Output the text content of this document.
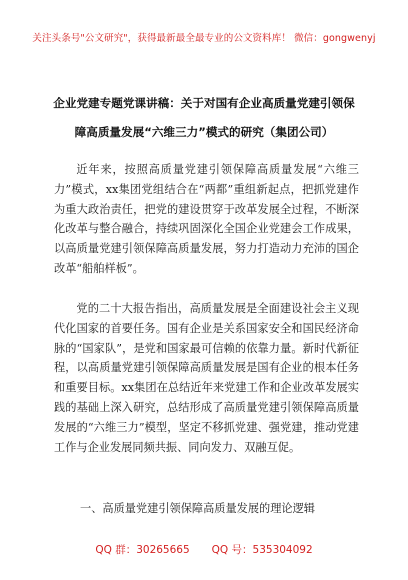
关注头条号"公文研究"，获得最新最全最专业的公文资料库！ 微信：gongwenyj
企业党建专题党课讲稿：关于对国有企业高质量党建引领保
障高质量发展“六维三力”模式的研究（集团公司）
近年来，按照高质量党建引领保障高质量发展“六维三力”模式，xx集团党组结合在“两都”重组新起点，把抓党建作为重大政治责任，把党的建设贯穿于改革发展全过程，不断深化改革与整合融合，持续巩固深化全国企业党建会工作成果，以高质量党建引领保障高质量发展，努力打造动力充沛的国企改革“船舶样板”。
党的二十大报告指出，高质量发展是全面建设社会主义现代化国家的首要任务。国有企业是关系国家安全和国民经济命脉的“国家队”，是党和国家最可信赖的依靠力量。新时代新征程，以高质量党建引领保障高质量发展是国有企业的根本任务和重要目标。xx集团在总结近年来党建工作和企业改革发展实践的基础上深入研究，总结形成了高质量党建引领保障高质量发展的“六维三力”模型，坚定不移抓党建、强党建，推动党建工作与企业发展同频共振、同向发力、双融互促。
一、高质量党建引领保障高质量发展的理论逻辑
QQ 群：30265665 QQ 号：535304092
